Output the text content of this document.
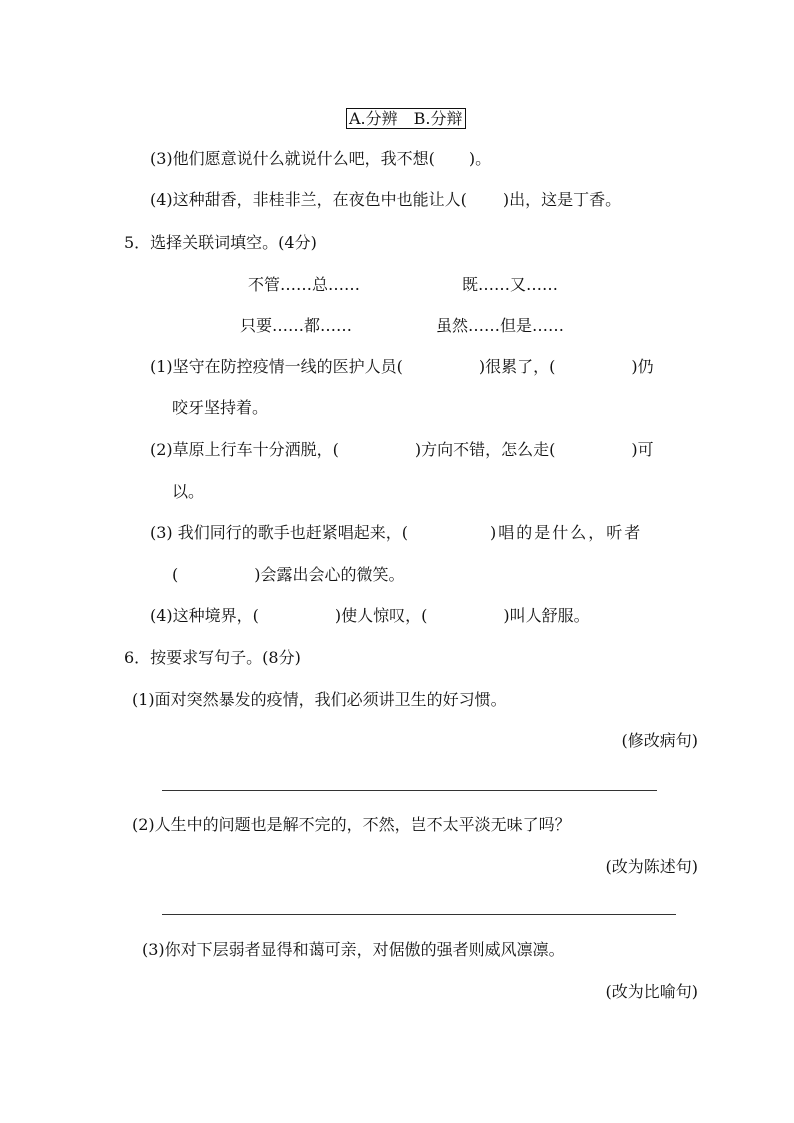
A.分辨　B.分辩
(3)他们愿意说什么就说什么吧，我不想( )。
(4)这种甜香，非桂非兰，在夜色中也能让人( )出，这是丁香。
5．选择关联词填空。(4分)
不管……总……	既……又……
只要……都……	虽然……但是……
(1)坚守在防控疫情一线的医护人员(	)很累了，(	)仍
咬牙坚持着。
(2)草原上行车十分洒脱，(	)方向不错，怎么走(	)可
以。
(3) 我们同行的歌手也赶紧唱起来，(	)唱的是什么，听者
(	)会露出会心的微笑。
(4)这种境界，(	)使人惊叹，(	)叫人舒服。
6．按要求写句子。(8分)
(1)面对突然暴发的疫情，我们必须讲卫生的好习惯。
(修改病句)
(2)人生中的问题也是解不完的，不然，岂不太平淡无味了吗？
(改为陈述句)
(3)你对下层弱者显得和蔼可亲，对倨傲的强者则威风凛凛。
(改为比喻句)
